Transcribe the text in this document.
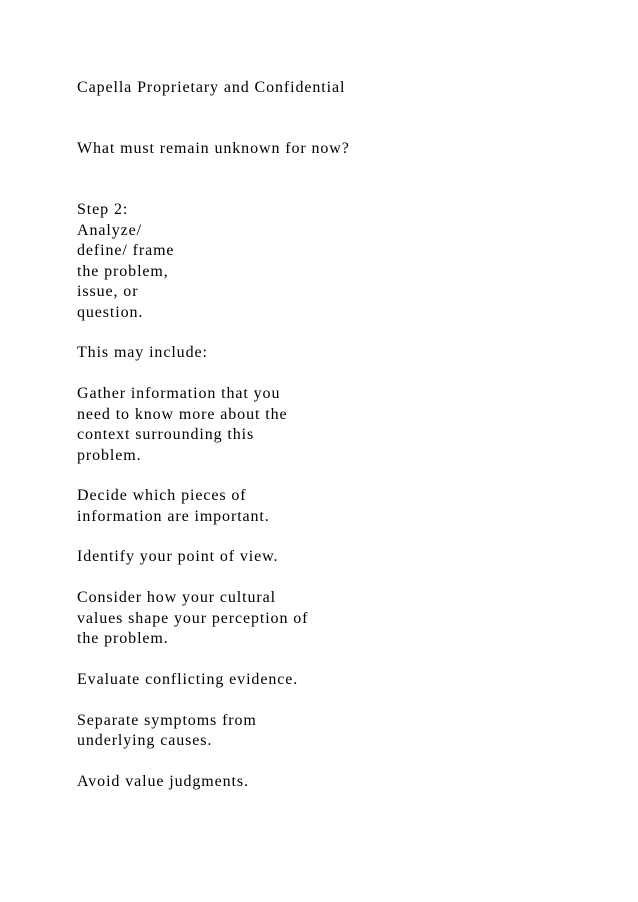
Capella Proprietary and Confidential

What must remain unknown for now?

Step 2:

Analyze/

define/ frame

the problem,

issue, or

question.

This may include:

Gather information that you

need to know more about the

context surrounding this

problem.

Decide which pieces of

information are important.

Identify your point of view.

Consider how your cultural

values shape your perception of

the problem.

Evaluate conflicting evidence.

Separate symptoms from

underlying causes.

Avoid value judgments.
